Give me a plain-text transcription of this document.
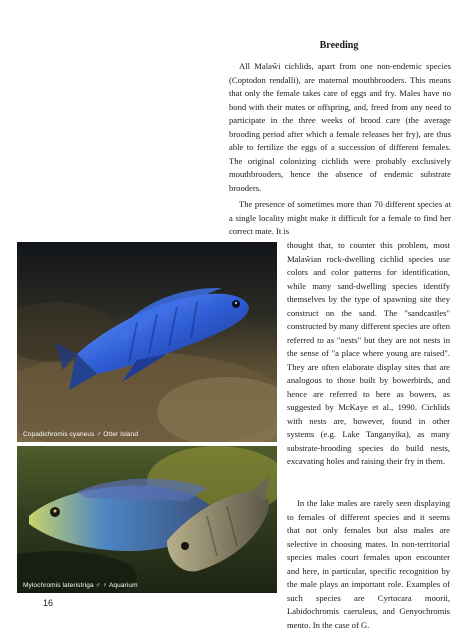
Breeding

All Malaŵi cichlids, apart from one non-endemic species (Coptodon rendalli), are maternal mouthbrooders. This means that only the female takes care of eggs and fry. Males have no bond with their mates or offspring, and, freed from any need to participate in the three weeks of brood care (the average brooding period after which a female releases her fry), are thus able to fertilize the eggs of a succession of different females. The original colonizing cichlids were probably exclusively mouthbrooders, hence the absence of endemic substrate brooders.

The presence of sometimes more than 70 different species at a single locality might make it difficult for a female to find her correct mate. It is

thought that, to counter this problem, most Malaŵian rock-dwelling cichlid species use colors and color patterns for identification, while many sand-dwelling species identify themselves by the type of spawning site they construct on the sand. The "sandcastles" constructed by many different species are often referred to as "nests" but they are not nests in the sense of "a place where young are raised". They are often elaborate display sites that are analogous to those built by bowerbirds, and hence are referred to here as bowers, as suggested by McKaye et al., 1990. Cichlids with nests are, however, found in other systems (e.g. Lake Tanganyika), as many substrate-brooding species do build nests, excavating holes and raising their fry in them.

In the lake males are rarely seen displaying to females of different species and it seems that not only females but also males are selective in choosing mates. In non-territorial species males court females upon encounter and here, in particular, specific recognition by the male plays an important role. Examples of such species are Cyrtocara moorii, Labidochromis caeruleus, and Genyochromis mento. In the case of G.

Copadichromis cyaneus ♂ Otter Island
Mylochromis lateristriga ♂ ♀ Aquarium
16
